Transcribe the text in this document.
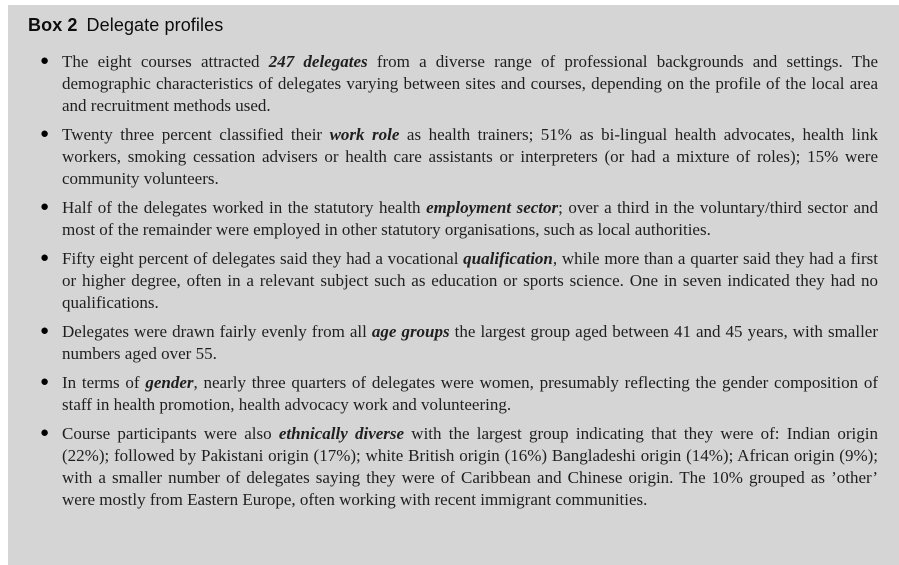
Box 2 Delegate profiles
● The eight courses attracted 247 delegates from a diverse range of professional backgrounds and settings. The demographic characteristics of delegates varying between sites and courses, depending on the profile of the local area and recruitment methods used.
● Twenty three percent classified their work role as health trainers; 51% as bi-lingual health advocates, health link workers, smoking cessation advisers or health care assistants or interpreters (or had a mixture of roles); 15% were community volunteers.
● Half of the delegates worked in the statutory health employment sector; over a third in the voluntary/third sector and most of the remainder were employed in other statutory organisations, such as local authorities.
● Fifty eight percent of delegates said they had a vocational qualification, while more than a quarter said they had a first or higher degree, often in a relevant subject such as education or sports science. One in seven indicated they had no qualifications.
● Delegates were drawn fairly evenly from all age groups the largest group aged between 41 and 45 years, with smaller numbers aged over 55.
● In terms of gender, nearly three quarters of delegates were women, presumably reflecting the gender composition of staff in health promotion, health advocacy work and volunteering.
● Course participants were also ethnically diverse with the largest group indicating that they were of: Indian origin (22%); followed by Pakistani origin (17%); white British origin (16%) Bangladeshi origin (14%); African origin (9%); with a smaller number of delegates saying they were of Caribbean and Chinese origin. The 10% grouped as ’other’ were mostly from Eastern Europe, often working with recent immigrant communities.
